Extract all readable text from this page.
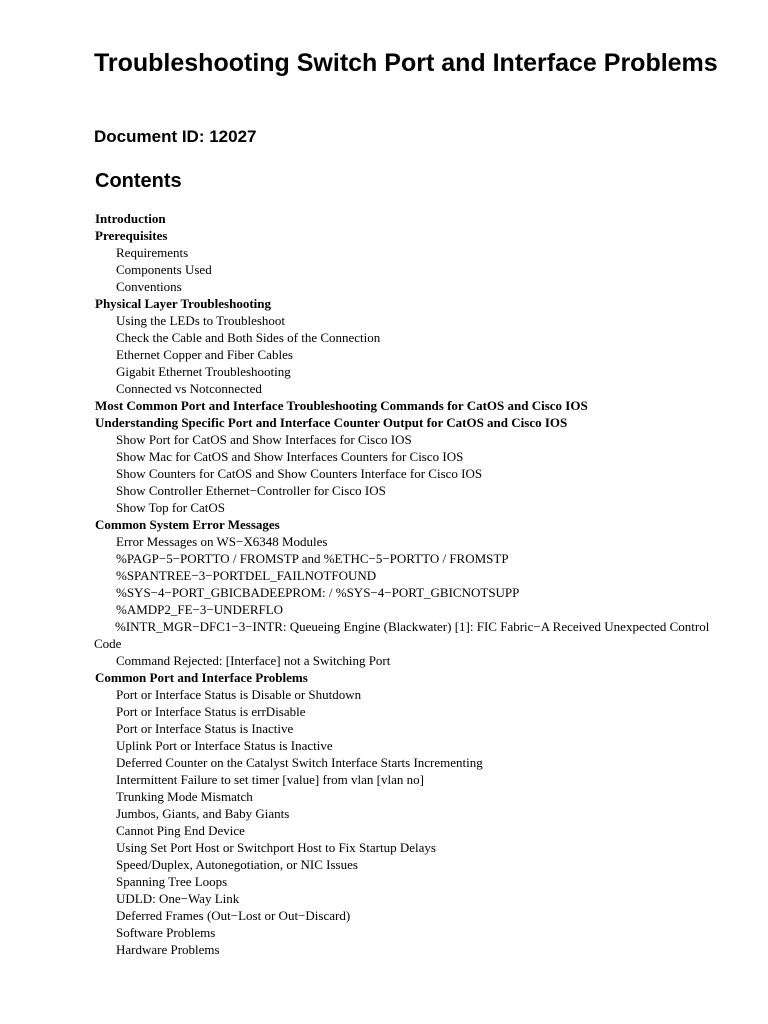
Troubleshooting Switch Port and Interface Problems
Document ID: 12027
Contents
Introduction
Prerequisites
Requirements
Components Used
Conventions
Physical Layer Troubleshooting
Using the LEDs to Troubleshoot
Check the Cable and Both Sides of the Connection
Ethernet Copper and Fiber Cables
Gigabit Ethernet Troubleshooting
Connected vs Notconnected
Most Common Port and Interface Troubleshooting Commands for CatOS and Cisco IOS
Understanding Specific Port and Interface Counter Output for CatOS and Cisco IOS
Show Port for CatOS and Show Interfaces for Cisco IOS
Show Mac for CatOS and Show Interfaces Counters for Cisco IOS
Show Counters for CatOS and Show Counters Interface for Cisco IOS
Show Controller Ethernet−Controller for Cisco IOS
Show Top for CatOS
Common System Error Messages
Error Messages on WS−X6348 Modules
%PAGP−5−PORTTO / FROMSTP and %ETHC−5−PORTTO / FROMSTP
%SPANTREE−3−PORTDEL_FAILNOTFOUND
%SYS−4−PORT_GBICBADEEPROM: / %SYS−4−PORT_GBICNOTSUPP
%AMDP2_FE−3−UNDERFLO
%INTR_MGR−DFC1−3−INTR: Queueing Engine (Blackwater) [1]: FIC Fabric−A Received Unexpected Control Code
Command Rejected: [Interface] not a Switching Port
Common Port and Interface Problems
Port or Interface Status is Disable or Shutdown
Port or Interface Status is errDisable
Port or Interface Status is Inactive
Uplink Port or Interface Status is Inactive
Deferred Counter on the Catalyst Switch Interface Starts Incrementing
Intermittent Failure to set timer [value] from vlan [vlan no]
Trunking Mode Mismatch
Jumbos, Giants, and Baby Giants
Cannot Ping End Device
Using Set Port Host or Switchport Host to Fix Startup Delays
Speed/Duplex, Autonegotiation, or NIC Issues
Spanning Tree Loops
UDLD: One−Way Link
Deferred Frames (Out−Lost or Out−Discard)
Software Problems
Hardware Problems
